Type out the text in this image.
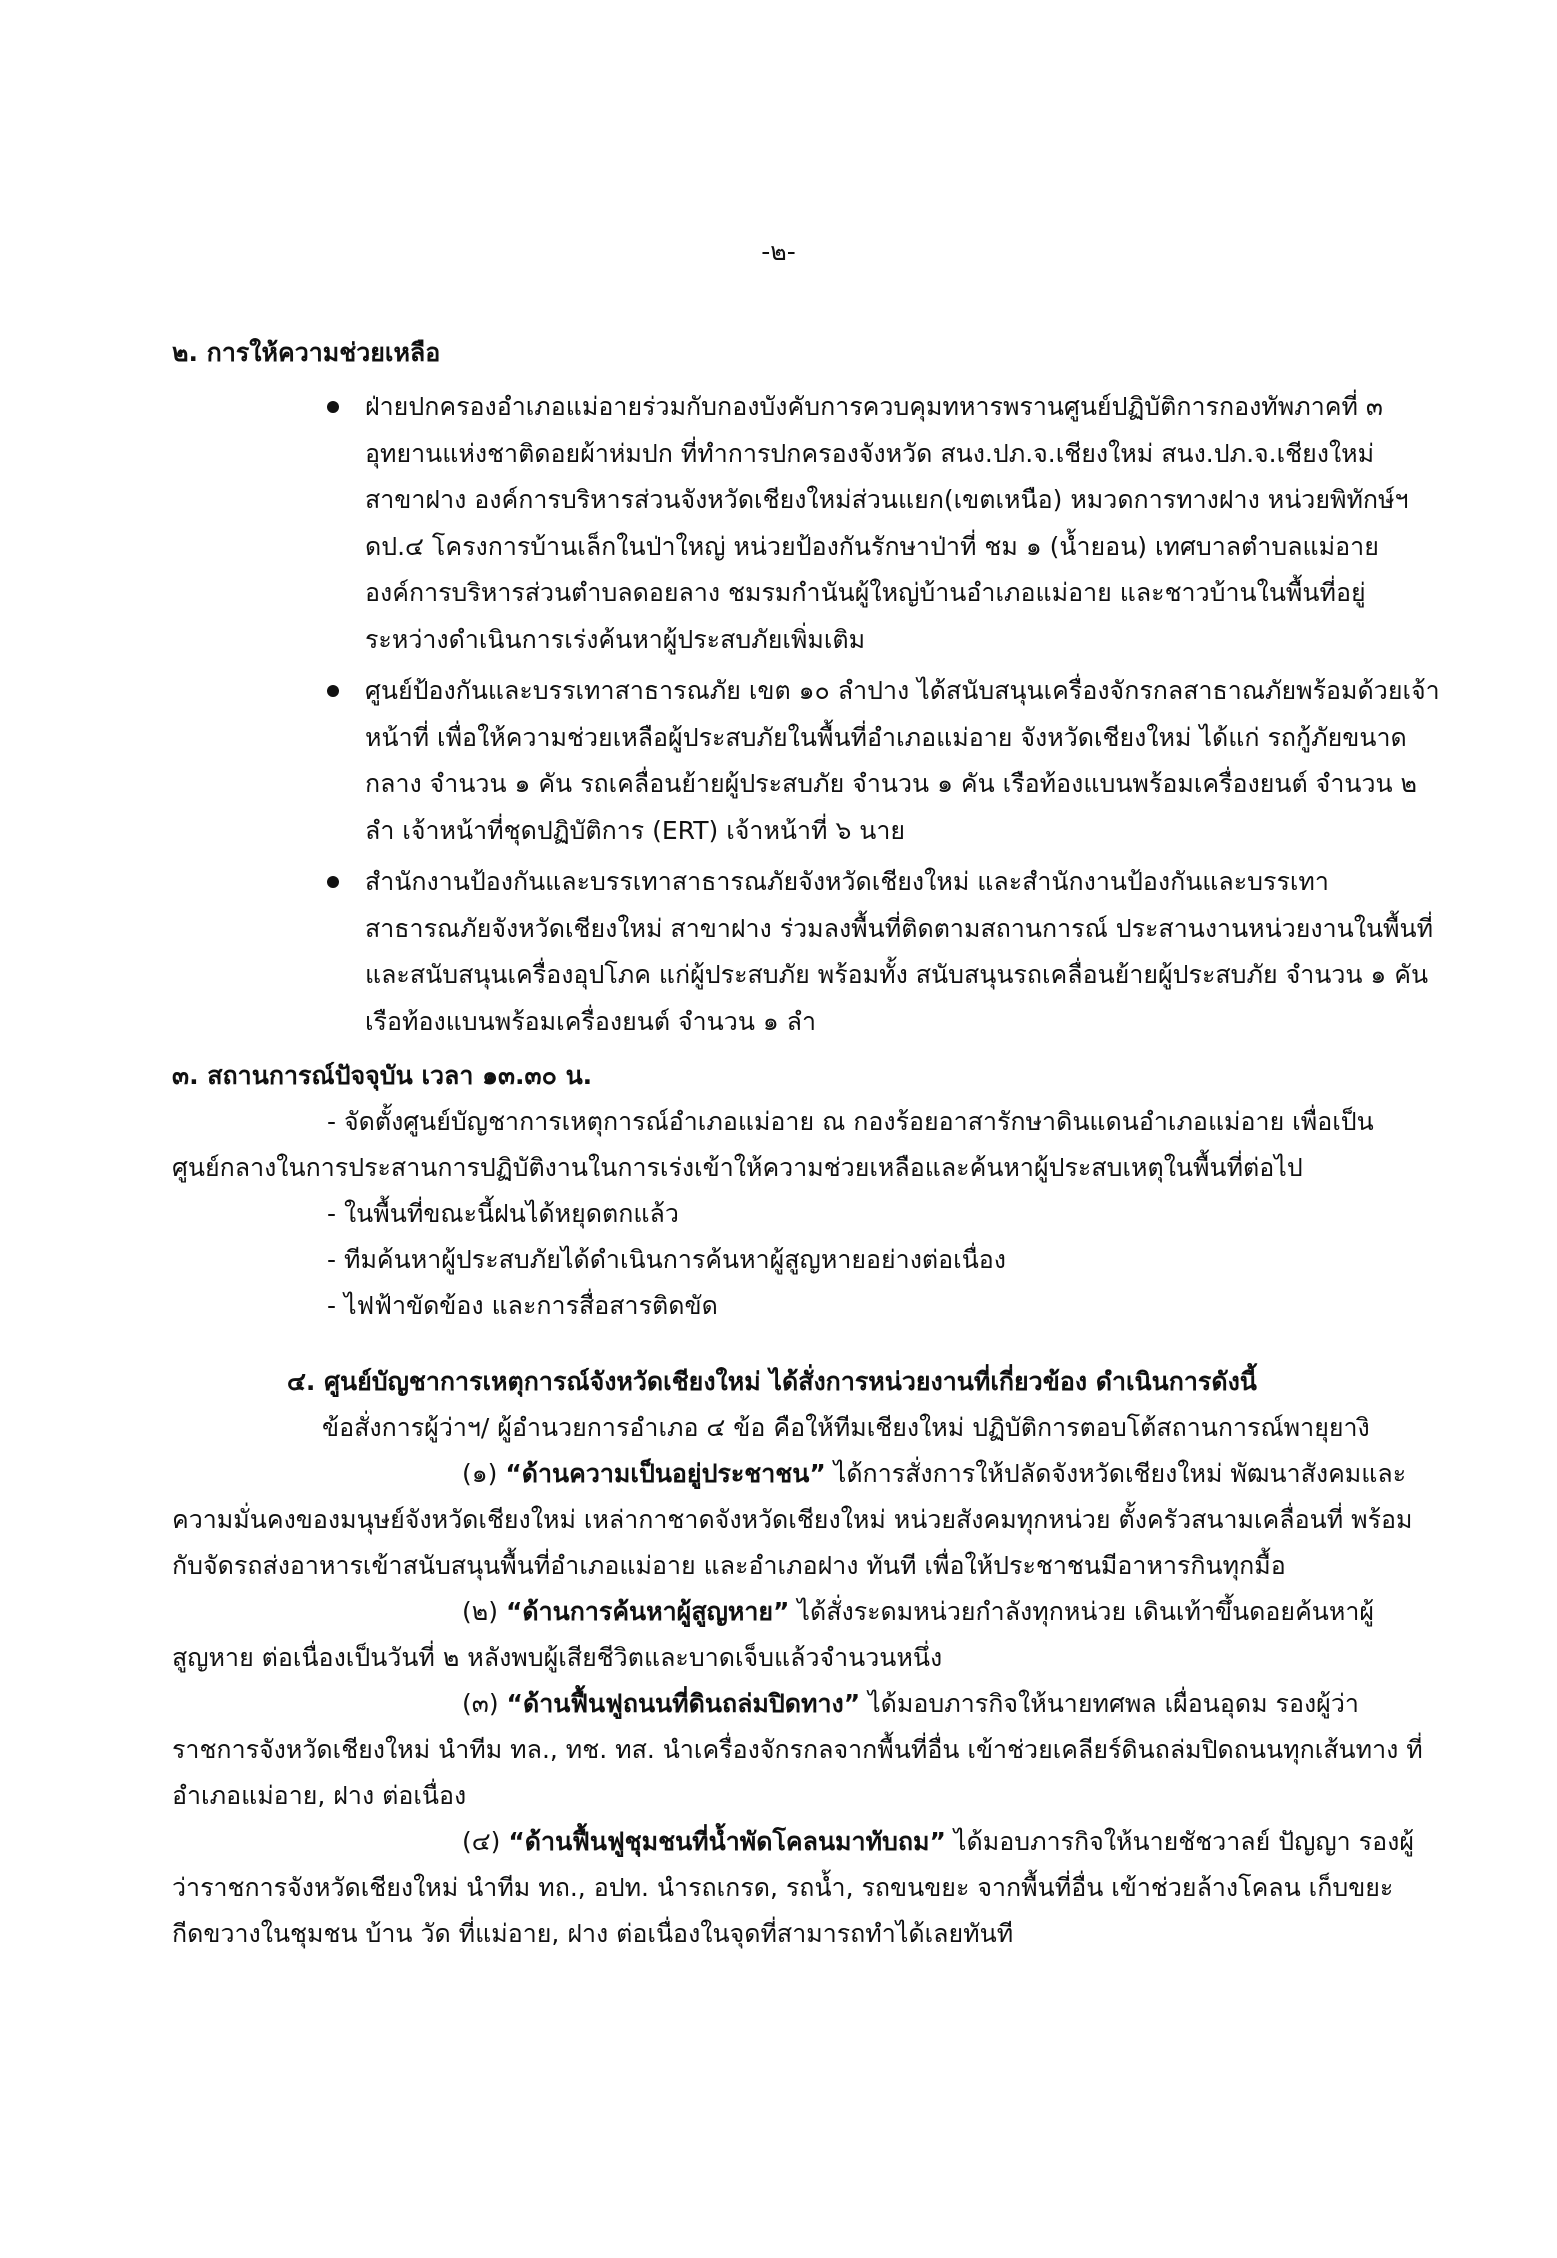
-๒-

๒. การให้ความช่วยเหลือ

ฝ่ายปกครองอำเภอแม่อายร่วมกับกองบังคับการควบคุมทหารพรานศูนย์ปฏิบัติการกองทัพภาคที่ ๓ อุทยานแห่งชาติดอยผ้าห่มปก ที่ทำการปกครองจังหวัด สนง.ปภ.จ.เชียงใหม่ สนง.ปภ.จ.เชียงใหม่ สาขาฝาง องค์การบริหารส่วนจังหวัดเชียงใหม่ส่วนแยก(เขตเหนือ) หมวดการทางฝาง หน่วยพิทักษ์ฯ ดป.๔ โครงการบ้านเล็กในป่าใหญ่ หน่วยป้องกันรักษาป่าที่ ชม ๑ (น้ำยอน) เทศบาลตำบลแม่อาย องค์การบริหารส่วนตำบลดอยลาง ชมรมกำนันผู้ใหญ่บ้านอำเภอแม่อาย และชาวบ้านในพื้นที่อยู่ระหว่างดำเนินการเร่งค้นหาผู้ประสบภัยเพิ่มเติม
ศูนย์ป้องกันและบรรเทาสาธารณภัย เขต ๑๐ ลำปาง ได้สนับสนุนเครื่องจักรกลสาธาณภัยพร้อมด้วยเจ้าหน้าที่ เพื่อให้ความช่วยเหลือผู้ประสบภัยในพื้นที่อำเภอแม่อาย จังหวัดเชียงใหม่ ได้แก่ รถกู้ภัยขนาดกลาง จำนวน ๑ คัน รถเคลื่อนย้ายผู้ประสบภัย จำนวน ๑ คัน เรือท้องแบนพร้อมเครื่องยนต์ จำนวน ๒ ลำ เจ้าหน้าที่ชุดปฏิบัติการ (ERT) เจ้าหน้าที่ ๖ นาย
สำนักงานป้องกันและบรรเทาสาธารณภัยจังหวัดเชียงใหม่ และสำนักงานป้องกันและบรรเทาสาธารณภัยจังหวัดเชียงใหม่ สาขาฝาง ร่วมลงพื้นที่ติดตามสถานการณ์ ประสานงานหน่วยงานในพื้นที่ และสนับสนุนเครื่องอุปโภค แก่ผู้ประสบภัย พร้อมทั้ง สนับสนุนรถเคลื่อนย้ายผู้ประสบภัย จำนวน ๑ คัน เรือท้องแบนพร้อมเครื่องยนต์ จำนวน ๑ ลำ

๓. สถานการณ์ปัจจุบัน เวลา ๑๓.๓๐ น.

- จัดตั้งศูนย์บัญชาการเหตุการณ์อำเภอแม่อาย ณ กองร้อยอาสารักษาดินแดนอำเภอแม่อาย เพื่อเป็นศูนย์กลางในการประสานการปฏิบัติงานในการเร่งเข้าให้ความช่วยเหลือและค้นหาผู้ประสบเหตุในพื้นที่ต่อไป

- ในพื้นที่ขณะนี้ฝนได้หยุดตกแล้ว

- ทีมค้นหาผู้ประสบภัยได้ดำเนินการค้นหาผู้สูญหายอย่างต่อเนื่อง

- ไฟฟ้าขัดข้อง และการสื่อสารติดขัด

๔. ศูนย์บัญชาการเหตุการณ์จังหวัดเชียงใหม่ ได้สั่งการหน่วยงานที่เกี่ยวข้อง ดำเนินการดังนี้

ข้อสั่งการผู้ว่าฯ/ ผู้อำนวยการอำเภอ ๔ ข้อ คือให้ทีมเชียงใหม่ ปฏิบัติการตอบโต้สถานการณ์พายุยางิ

(๑) “ด้านความเป็นอยู่ประชาชน” ได้การสั่งการให้ปลัดจังหวัดเชียงใหม่ พัฒนาสังคมและความมั่นคงของมนุษย์จังหวัดเชียงใหม่ เหล่ากาชาดจังหวัดเชียงใหม่ หน่วยสังคมทุกหน่วย ตั้งครัวสนามเคลื่อนที่ พร้อมกับจัดรถส่งอาหารเข้าสนับสนุนพื้นที่อำเภอแม่อาย และอำเภอฝาง ทันที เพื่อให้ประชาชนมีอาหารกินทุกมื้อ

(๒) “ด้านการค้นหาผู้สูญหาย” ได้สั่งระดมหน่วยกำลังทุกหน่วย เดินเท้าขึ้นดอยค้นหาผู้สูญหาย ต่อเนื่องเป็นวันที่ ๒ หลังพบผู้เสียชีวิตและบาดเจ็บแล้วจำนวนหนึ่ง

(๓) “ด้านฟื้นฟูถนนที่ดินถล่มปิดทาง” ได้มอบภารกิจให้นายทศพล เผื่อนอุดม รองผู้ว่าราชการจังหวัดเชียงใหม่ นำทีม ทล., ทช. ทส. นำเครื่องจักรกลจากพื้นที่อื่น เข้าช่วยเคลียร์ดินถล่มปิดถนนทุกเส้นทาง ที่ อำเภอแม่อาย, ฝาง ต่อเนื่อง

(๔) “ด้านฟื้นฟูชุมชนที่น้ำพัดโคลนมาทับถม” ได้มอบภารกิจให้นายชัชวาลย์ ปัญญา รองผู้ว่าราชการจังหวัดเชียงใหม่ นำทีม ทถ., อปท. นำรถเกรด, รถน้ำ, รถขนขยะ จากพื้นที่อื่น เข้าช่วยล้างโคลน เก็บขยะกีดขวางในชุมชน บ้าน วัด ที่แม่อาย, ฝาง ต่อเนื่องในจุดที่สามารถทำได้เลยทันที
